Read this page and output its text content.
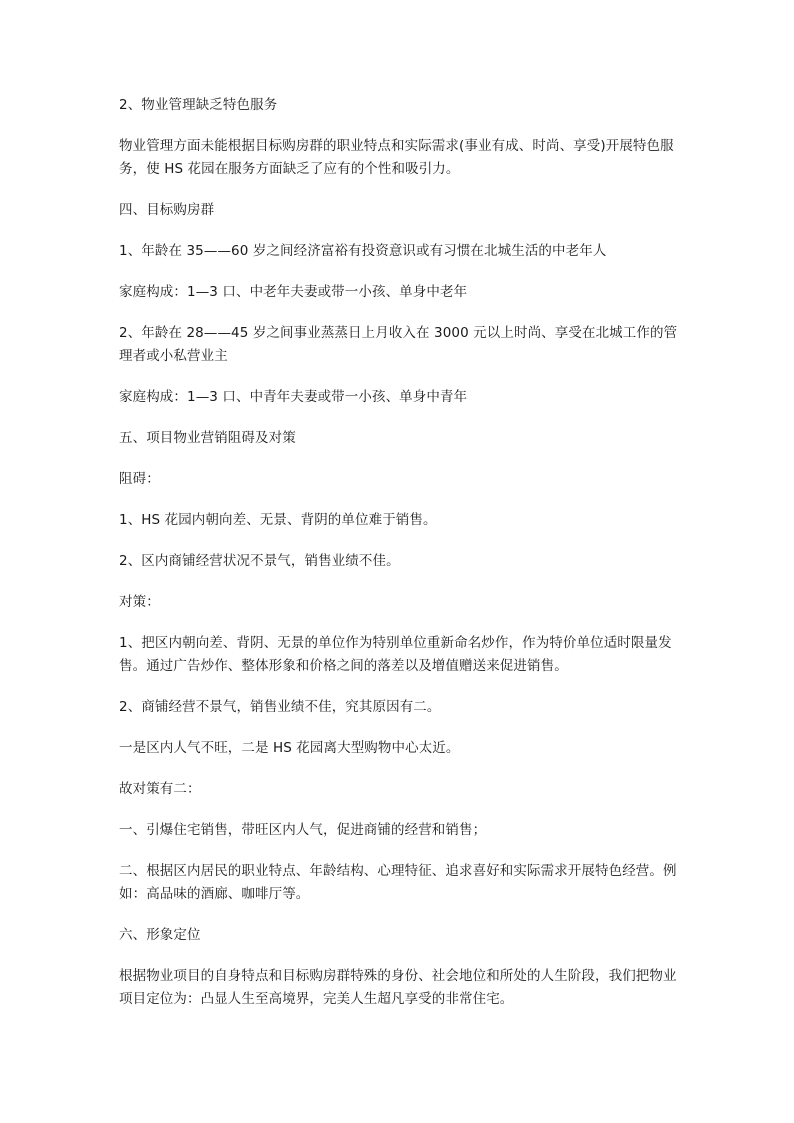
2、物业管理缺乏特色服务

物业管理方面未能根据目标购房群的职业特点和实际需求(事业有成、时尚、享受)开展特色服务，使 HS 花园在服务方面缺乏了应有的个性和吸引力。

四、目标购房群

1、年龄在 35——60 岁之间经济富裕有投资意识或有习惯在北城生活的中老年人

家庭构成：1—3 口、中老年夫妻或带一小孩、单身中老年

2、年龄在 28——45 岁之间事业蒸蒸日上月收入在 3000 元以上时尚、享受在北城工作的管理者或小私营业主

家庭构成：1—3 口、中青年夫妻或带一小孩、单身中青年

五、项目物业营销阻碍及对策

阻碍：

1、HS 花园内朝向差、无景、背阴的单位难于销售。

2、区内商铺经营状况不景气，销售业绩不佳。

对策：

1、把区内朝向差、背阴、无景的单位作为特别单位重新命名炒作，作为特价单位适时限量发售。通过广告炒作、整体形象和价格之间的落差以及增值赠送来促进销售。

2、商铺经营不景气，销售业绩不佳，究其原因有二。

一是区内人气不旺，二是 HS 花园离大型购物中心太近。

故对策有二：

一、引爆住宅销售，带旺区内人气，促进商铺的经营和销售；

二、根据区内居民的职业特点、年龄结构、心理特征、追求喜好和实际需求开展特色经营。例如：高品味的酒廊、咖啡厅等。

六、形象定位

根据物业项目的自身特点和目标购房群特殊的身份、社会地位和所处的人生阶段，我们把物业项目定位为：凸显人生至高境界，完美人生超凡享受的非常住宅。
